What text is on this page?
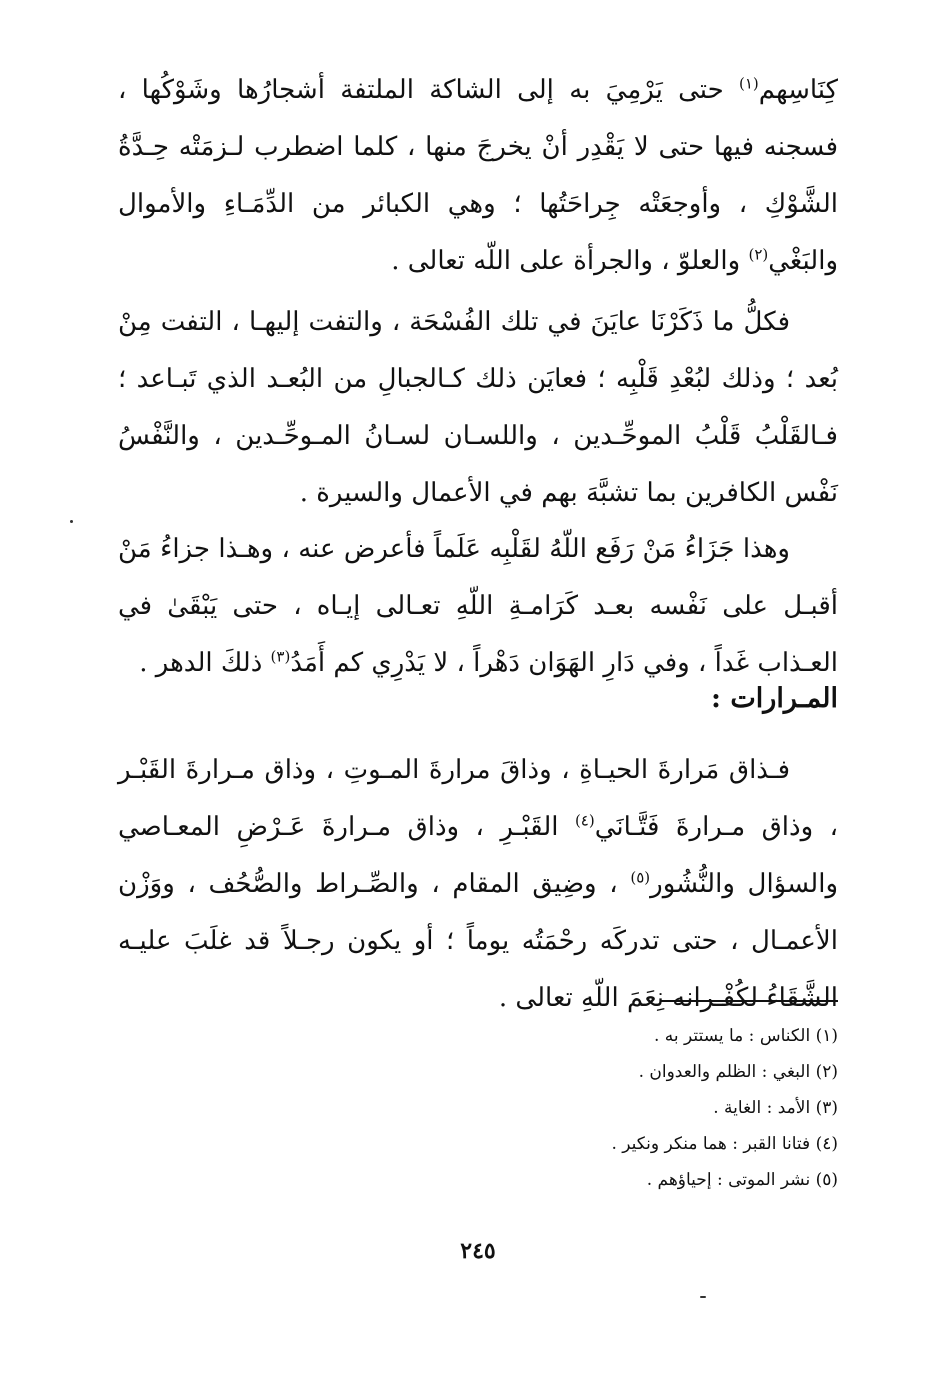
كِنَاسِهم$^{(١)}$ حتى يَرْمِيَ به إلى الشاكة الملتفة أشجارُها وشَوْكُها ، فسجنه فيها حتى لا يَقْدِر أنْ يخرجَ منها ، كلما اضطرب لـزمَتْه حِـدَّةُ الشَّوْكِ ، وأوجعَتْه جِراحَتُها ؛ وهي الكبائر من الدِّمَـاءِ والأموال والبَغْي$^{(٢)}$ والعلوّ ، والجرأة على اللّه تعالى .

فكلُّ ما ذَكَرْنَا عايَنَ في تلك الفُسْحَة ، والتفت إليهـا ، التفت مِنْ بُعد ؛ وذلك لبُعْدِ قَلْبِه ؛ فعايَن ذلك كـالجبالِ من البُعـد الذي تَبـاعد ؛ فـالقَلْبُ قَلْبُ الموحِّـدين ، واللسـان لسـانُ المـوحِّـدين ، والنَّفْسُ نَفْس الكافرين بما تشبَّهَ بهم في الأعمال والسيرة .

وهذا جَزَاءُ مَنْ رَفَع اللّهُ لقَلْبِه عَلَماً فأعرض عنه ، وهـذا جزاءُ مَنْ أقبـل على نَفْسه بعـد كَرَامـةِ اللّهِ تعـالى إيـاه ، حتى يَبْقَىٰ في العـذاب غَداً ، وفي دَارِ الهَوَان دَهْراً ، لا يَدْرِي كم أَمَدُ$^{(٣)}$ ذلكَ الدهر .

المـرارات :

فـذاق مَرارةَ الحيـاةِ ، وذاقَ مرارةَ المـوتِ ، وذاق مـرارةَ القَبْـر ، وذاق مـرارةَ فَتَّـانَي$^{(٤)}$ القَبْـرِ ، وذاق مـرارةَ عَـرْضِ المعـاصي والسؤال والنُّشُور$^{(٥)}$ ، وضِيق المقام ، والصِّـراط والصُّحُف ، ووَزْن الأعمـال ، حتى تدركَه رحْمَتُه يوماً ؛ أو يكون رجـلاً قد غلَبَ عليـه الشَّقَاءُ لكُفْـرانه نِعَمَ اللّهِ تعالى .

(١) الكناس : ما يستتر به .
(٢) البغي : الظلم والعدوان .
(٣) الأمد : الغاية .
(٤) فتانا القبر : هما منكر ونكير .
(٥) نشر الموتى : إحياؤهم .
٢٤٥
